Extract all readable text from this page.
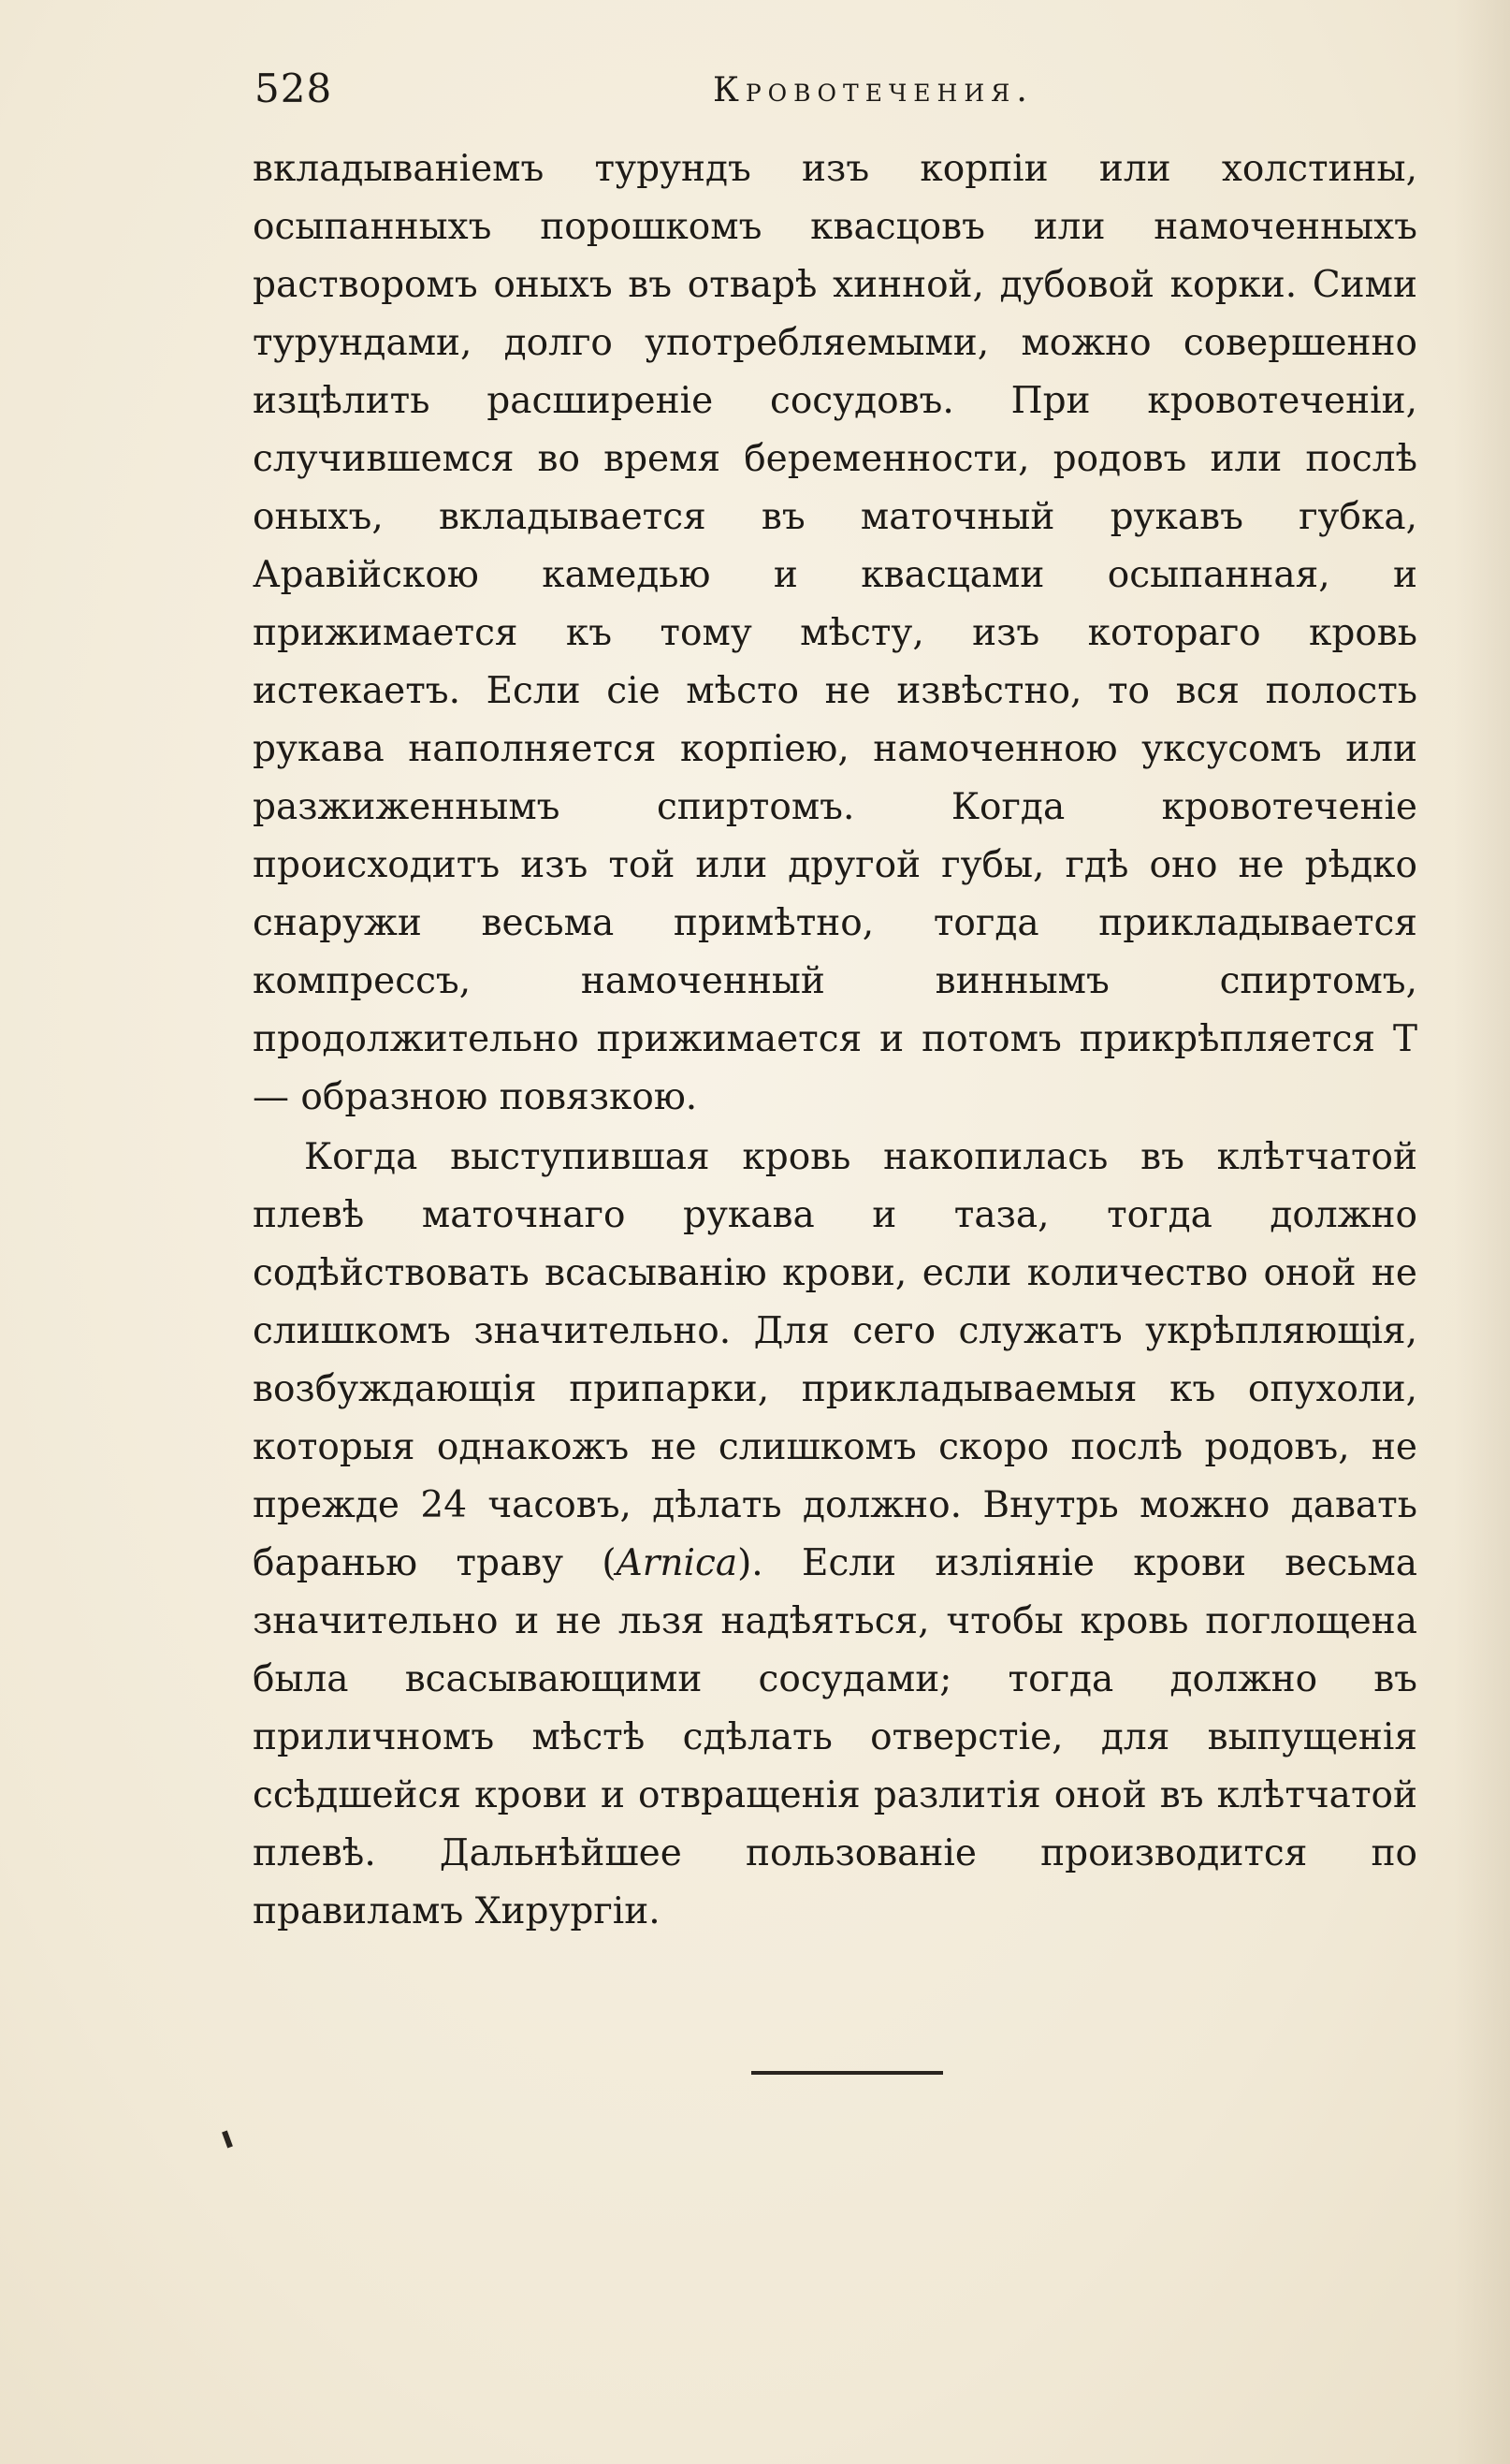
528	Кровотечения.

вкладываніемъ турундъ изъ корпіи или холстины, осыпанныхъ порошкомъ квасцовъ или намоченныхъ растворомъ оныхъ въ отварѣ хинной, дубовой корки. Сими турундами, долго употребляемыми, можно совершенно изцѣлить расширеніе сосудовъ. При кровотеченіи, случившемся во время беременности, родовъ или послѣ оныхъ, вкладывается въ маточный рукавъ губка, Аравійскою камедью и квасцами осыпанная, и прижимается къ тому мѣсту, изъ котораго кровь истекаетъ. Если сіе мѣсто не извѣстно, то вся полость рукава наполняется корпіею, намоченною уксусомъ или разжиженнымъ спиртомъ. Когда кровотеченіе происходитъ изъ той или другой губы, гдѣ оно не рѣдко снаружи весьма примѣтно, тогда прикладывается компрессъ, намоченный виннымъ спиртомъ, продолжительно прижимается и потомъ прикрѣпляется Т — образною повязкою.

Когда выступившая кровь накопилась въ клѣтчатой плевѣ маточнаго рукава и таза, тогда должно содѣйствовать всасыванію крови, если количество оной не слишкомъ значительно. Для сего служатъ укрѣпляющія, возбуждающія припарки, прикладываемыя къ опухоли, которыя однакожъ не слишкомъ скоро послѣ родовъ, не прежде 24 часовъ, дѣлать должно. Внутрь можно давать баранью траву (Arnica). Если изліяніе крови весьма значительно и не льзя надѣяться, чтобы кровь поглощена была всасывающими сосудами; тогда должно въ приличномъ мѣстѣ сдѣлать отверстіе, для выпущенія ссѣдшейся крови и отвращенія разлитія оной въ клѣтчатой плевѣ. Дальнѣйшее пользованіе производится по правиламъ Хирургіи.
